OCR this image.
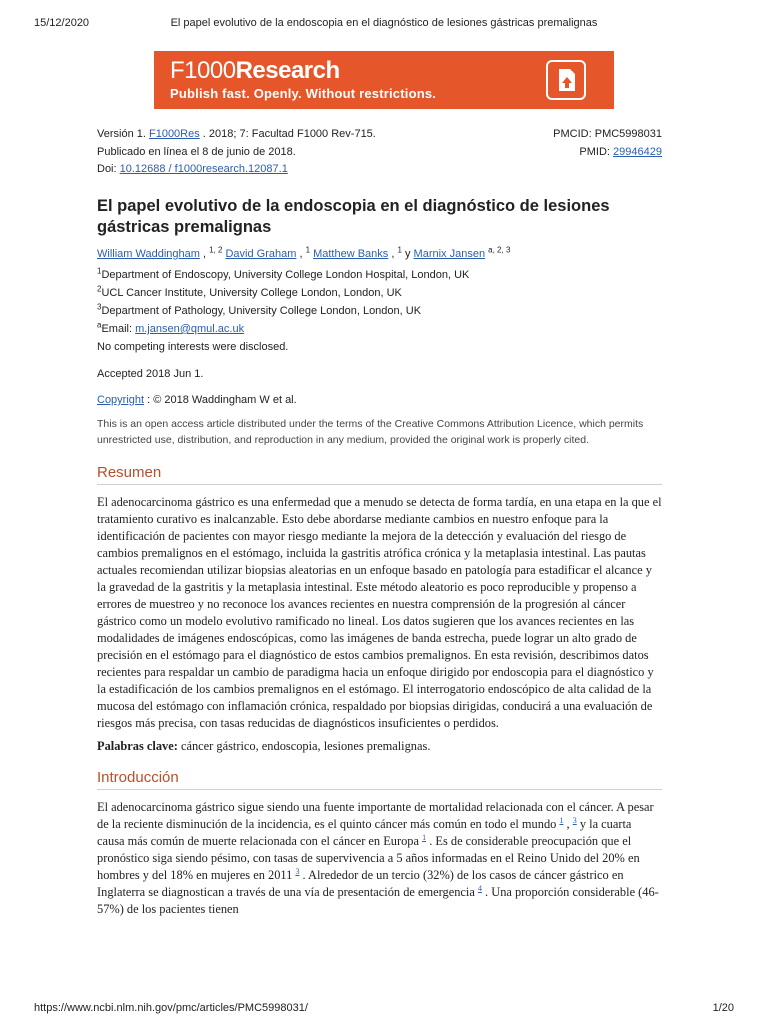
15/12/2020	El papel evolutivo de la endoscopia en el diagnóstico de lesiones gástricas premalignas
F1000Research
Publish fast. Openly. Without restrictions.
Versión 1. F1000Res . 2018; 7: Facultad F1000 Rev-715.	PMCID: PMC5998031
Publicado en línea el 8 de junio de 2018.	PMID: 29946429
Doi: 10.12688 / f1000research.12087.1
El papel evolutivo de la endoscopia en el diagnóstico de lesiones gástricas premalignas
William Waddingham , $^{1, 2}$ David Graham , $^1$ Matthew Banks , $^1$ y Marnix Jansen $^{a, 2, 3}$
$^1$Department of Endoscopy, University College London Hospital, London, UK
$^2$UCL Cancer Institute, University College London, London, UK
$^3$Department of Pathology, University College London, London, UK
$^a$Email: m.jansen@qmul.ac.uk
No competing interests were disclosed.
Accepted 2018 Jun 1.
Copyright : © 2018 Waddingham W et al.
This is an open access article distributed under the terms of the Creative Commons Attribution Licence, which permits unrestricted use, distribution, and reproduction in any medium, provided the original work is properly cited.
Resumen
El adenocarcinoma gástrico es una enfermedad que a menudo se detecta de forma tardía, en una etapa en la que el tratamiento curativo es inalcanzable. Esto debe abordarse mediante cambios en nuestro enfoque para la identificación de pacientes con mayor riesgo mediante la mejora de la detección y evaluación del riesgo de cambios premalignos en el estómago, incluida la gastritis atrófica crónica y la metaplasia intestinal. Las pautas actuales recomiendan utilizar biopsias aleatorias en un enfoque basado en patología para estadificar el alcance y la gravedad de la gastritis y la metaplasia intestinal. Este método aleatorio es poco reproducible y propenso a errores de muestreo y no reconoce los avances recientes en nuestra comprensión de la progresión al cáncer gástrico como un modelo evolutivo ramificado no lineal. Los datos sugieren que los avances recientes en las modalidades de imágenes endoscópicas, como las imágenes de banda estrecha, puede lograr un alto grado de precisión en el estómago para el diagnóstico de estos cambios premalignos. En esta revisión, describimos datos recientes para respaldar un cambio de paradigma hacia un enfoque dirigido por endoscopia para el diagnóstico y la estadificación de los cambios premalignos en el estómago. El interrogatorio endoscópico de alta calidad de la mucosa del estómago con inflamación crónica, respaldado por biopsias dirigidas, conducirá a una evaluación de riesgos más precisa, con tasas reducidas de diagnósticos insuficientes o perdidos.
Palabras clave: cáncer gástrico, endoscopia, lesiones premalignas.
Introducción
El adenocarcinoma gástrico sigue siendo una fuente importante de mortalidad relacionada con el cáncer. A pesar de la reciente disminución de la incidencia, es el quinto cáncer más común en todo el mundo $^1$ , $^3$ y la cuarta causa más común de muerte relacionada con el cáncer en Europa $^1$ . Es de considerable preocupación que el pronóstico siga siendo pésimo, con tasas de supervivencia a 5 años informadas en el Reino Unido del 20% en hombres y del 18% en mujeres en 2011 $^3$ . Alrededor de un tercio (32%) de los casos de cáncer gástrico en Inglaterra se diagnostican a través de una vía de presentación de emergencia $^4$ . Una proporción considerable (46-57%) de los pacientes tienen
https://www.ncbi.nlm.nih.gov/pmc/articles/PMC5998031/	1/20
